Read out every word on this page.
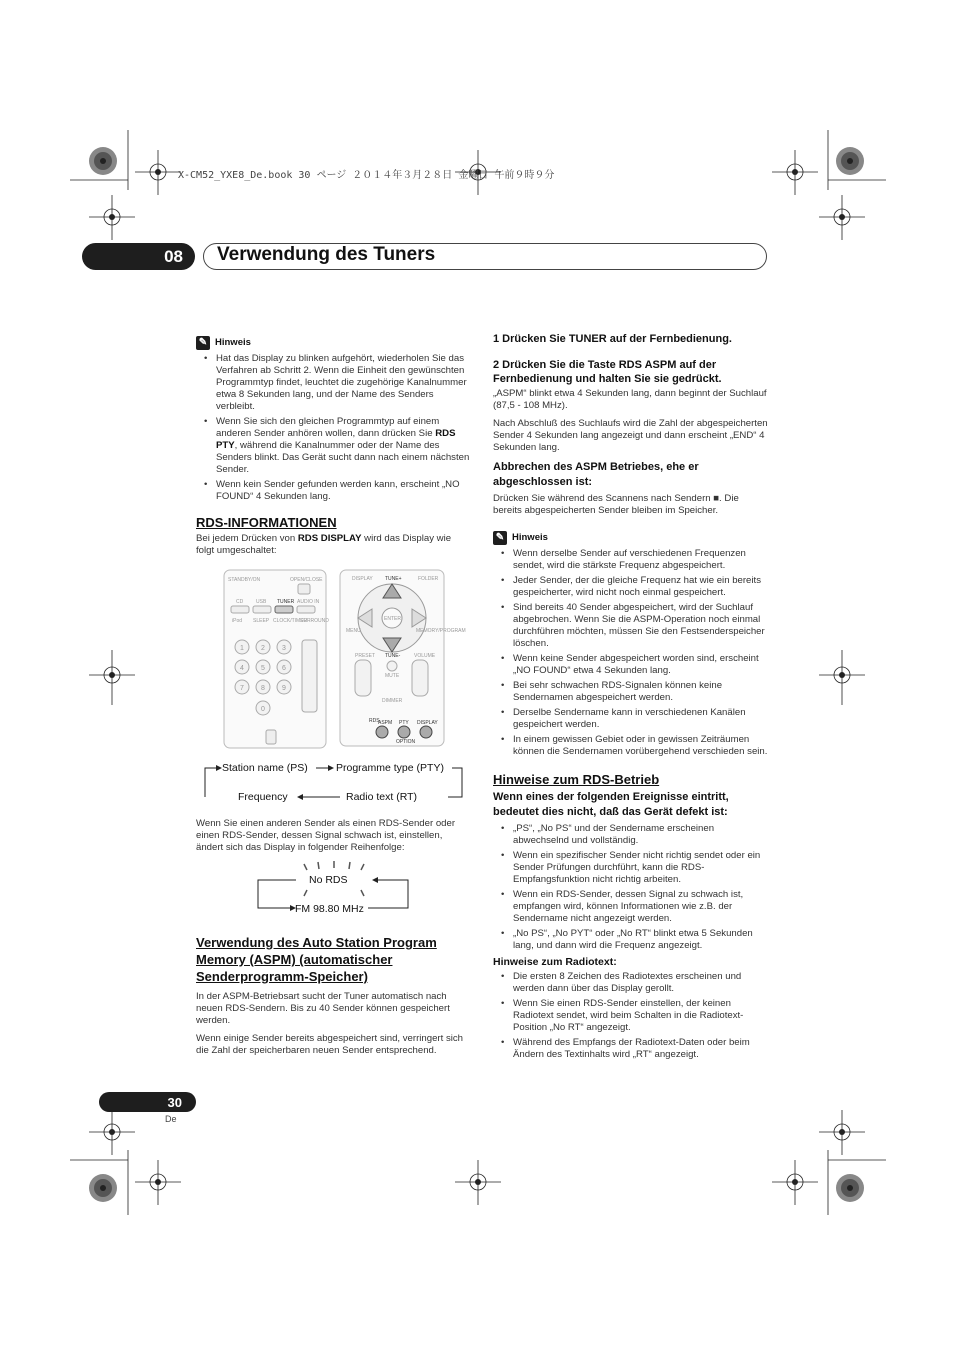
X-CM52_YXE8_De.book 30 ページ ２０１４年３月２８日 金曜日 午前９時９分
08	Verwendung des Tuners
✎ Hinweis
• Hat das Display zu blinken aufgehört, wiederholen Sie das Verfahren ab Schritt 2. Wenn die Einheit den gewünschten Programmtyp findet, leuchtet die zugehörige Kanalnummer etwa 8 Sekunden lang, und der Name des Senders verbleibt.
• Wenn Sie sich den gleichen Programmtyp auf einem anderen Sender anhören wollen, dann drücken Sie RDS PTY, während die Kanalnummer oder der Name des Senders blinkt. Das Gerät sucht dann nach einem nächsten Sender.
• Wenn kein Sender gefunden werden kann, erscheint „NO FOUND“ 4 Sekunden lang.
RDS-INFORMATIONEN

Bei jedem Drücken von RDS DISPLAY wird das Display wie folgt umgeschaltet:

STANDBY/ON	OPEN/CLOSE
CD	USB TUNER AUDIO IN
iPod SLEEP CLOCK/TIMER
SURROUND
1 2 3
4 5 6
7 8 9
0
DISPLAY TUNE+	FOLDER
ENTER
MENU	MEMORY/PROGRAM
PRESET TUNE-	VOLUME
MUTE
DIMMER
RDS
ASPM PTY DISPLAY
OPTION
Station name (PS)	Programme type (PTY)
Frequency	Radio text (RT)

Wenn Sie einen anderen Sender als einen RDS-Sender oder einen RDS-Sender, dessen Signal schwach ist, einstellen, ändert sich das Display in folgender Reihenfolge:

No RDS
FM 98.80 MHz
Verwendung des Auto Station Program Memory (ASPM) (automatischer Senderprogramm-Speicher)

In der ASPM-Betriebsart sucht der Tuner automatisch nach neuen RDS-Sendern. Bis zu 40 Sender können gespeichert werden.

Wenn einige Sender bereits abgespeichert sind, verringert sich die Zahl der speicherbaren neuen Sender entsprechend.

1 Drücken Sie TUNER auf der Fernbedienung.
2 Drücken Sie die Taste RDS ASPM auf der Fernbedienung und halten Sie sie gedrückt.

„ASPM“ blinkt etwa 4 Sekunden lang, dann beginnt der Suchlauf (87,5 - 108 MHz).

Nach Abschluß des Suchlaufs wird die Zahl der abgespeicherten Sender 4 Sekunden lang angezeigt und dann erscheint „END“ 4 Sekunden lang.

Abbrechen des ASPM Betriebes, ehe er abgeschlossen ist:

Drücken Sie während des Scannens nach Sendern ■. Die bereits abgespeicherten Sender bleiben im Speicher.

✎ Hinweis
• Wenn derselbe Sender auf verschiedenen Frequenzen sendet, wird die stärkste Frequenz abgespeichert.
• Jeder Sender, der die gleiche Frequenz hat wie ein bereits gespeicherter, wird nicht noch einmal gespeichert.
• Sind bereits 40 Sender abgespeichert, wird der Suchlauf abgebrochen. Wenn Sie die ASPM-Operation noch einmal durchführen möchten, müssen Sie den Festsenderspeicher löschen.
• Wenn keine Sender abgespeichert worden sind, erscheint „NO FOUND“ etwa 4 Sekunden lang.
• Bei sehr schwachen RDS-Signalen können keine Sendernamen abgespeichert werden.
• Derselbe Sendername kann in verschiedenen Kanälen gespeichert werden.
• In einem gewissen Gebiet oder in gewissen Zeiträumen können die Sendernamen vorübergehend verschieden sein.
Hinweise zum RDS-Betrieb
Wenn eines der folgenden Ereignisse eintritt, bedeutet dies nicht, daß das Gerät defekt ist:
• „PS“, „No PS“ und der Sendername erscheinen abwechselnd und vollständig.
• Wenn ein spezifischer Sender nicht richtig sendet oder ein Sender Prüfungen durchführt, kann die RDS-Empfangsfunktion nicht richtig arbeiten.
• Wenn ein RDS-Sender, dessen Signal zu schwach ist, empfangen wird, können Informationen wie z.B. der Sendername nicht angezeigt werden.
• „No PS“, „No PYT“ oder „No RT“ blinkt etwa 5 Sekunden lang, und dann wird die Frequenz angezeigt.
Hinweise zum Radiotext:
• Die ersten 8 Zeichen des Radiotextes erscheinen und werden dann über das Display gerollt.
• Wenn Sie einen RDS-Sender einstellen, der keinen Radiotext sendet, wird beim Schalten in die Radiotext-Position „No RT“ angezeigt.
• Während des Empfangs der Radiotext-Daten oder beim Ändern des Textinhalts wird „RT“ angezeigt.
30
De
